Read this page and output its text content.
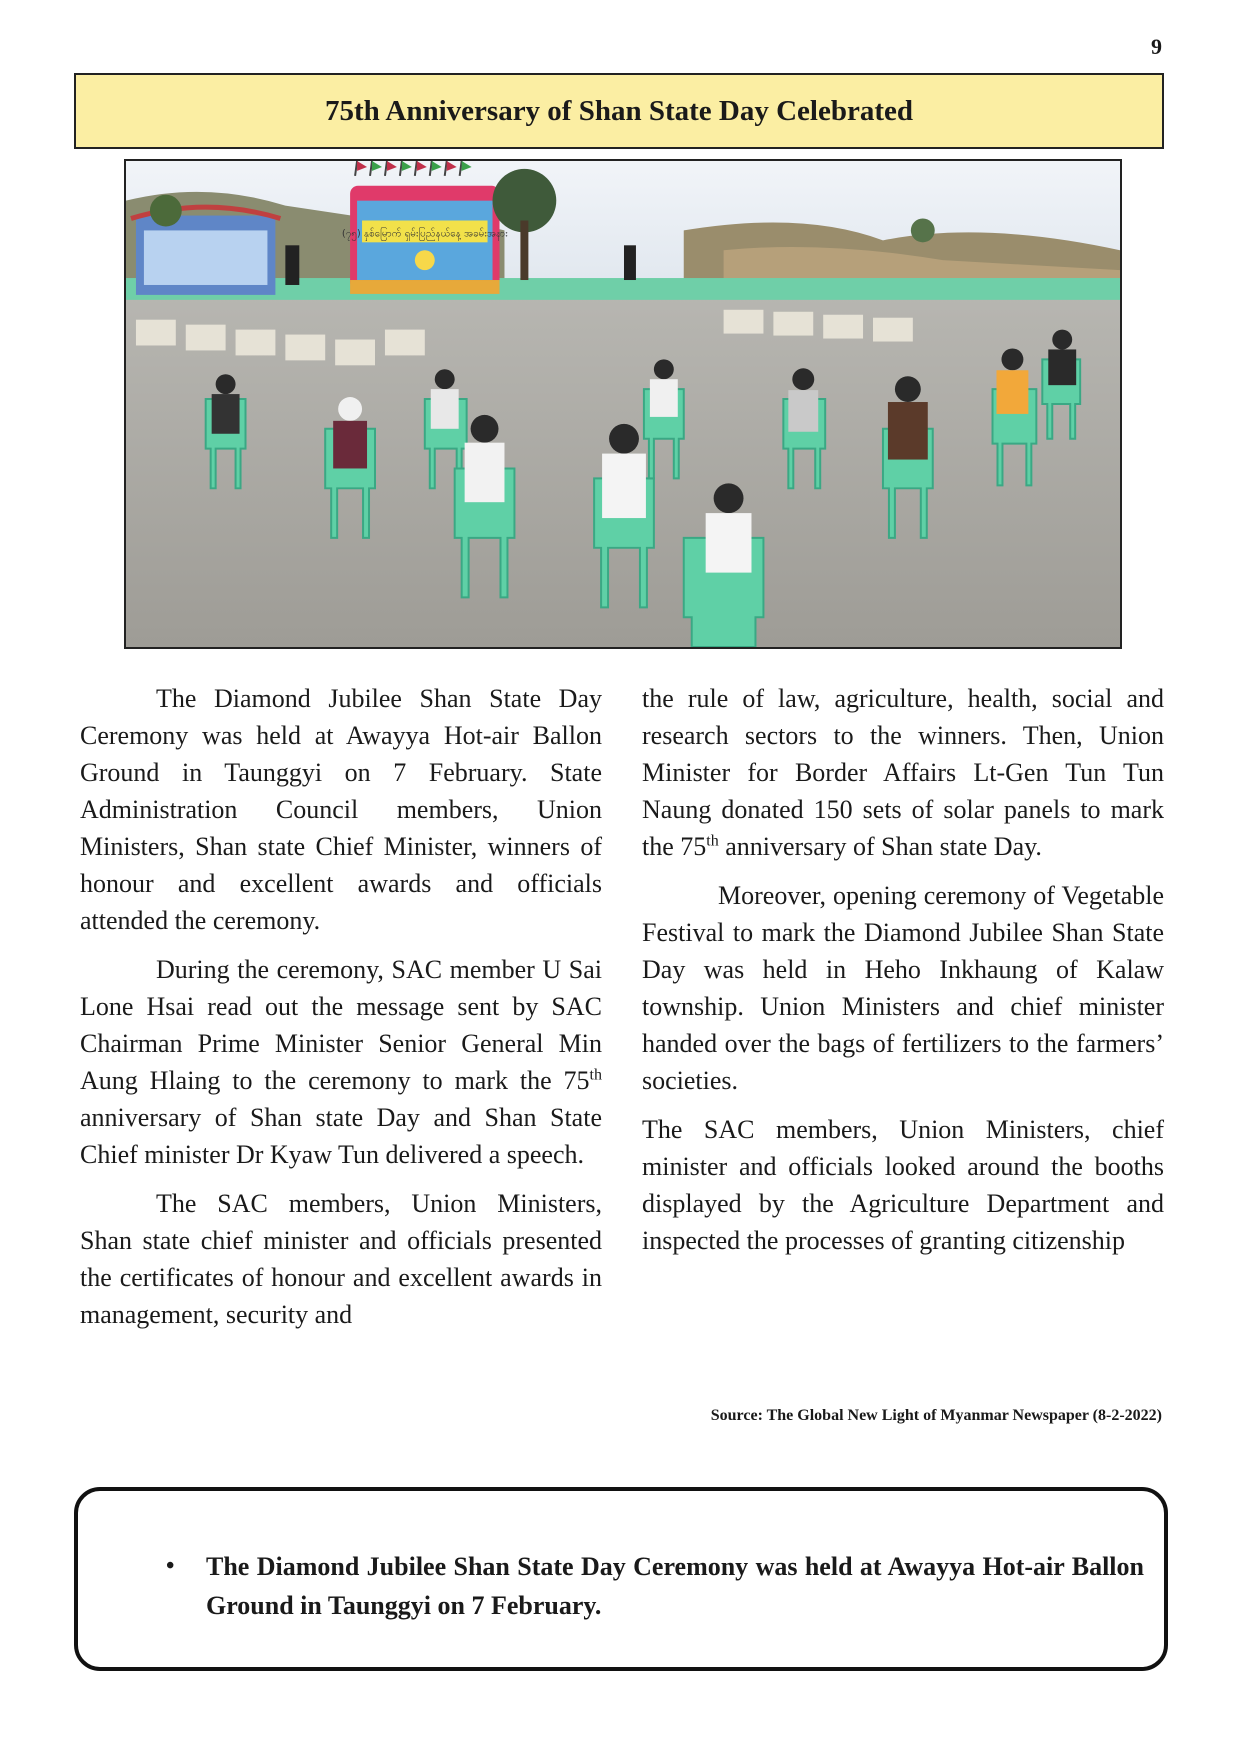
9
75th Anniversary of Shan State Day Celebrated
(၇၅) နှစ်မြောက် ရှမ်းပြည်နယ်နေ့ အခမ်းအနား

The Diamond Jubilee Shan State Day Ceremony was held at Awayya Hot-air Ballon Ground in Taunggyi on 7 February. State Administration Council members, Union Ministers, Shan state Chief Minister, winners of honour and excellent awards and officials attended the ceremony.

During the ceremony, SAC member U Sai Lone Hsai read out the message sent by SAC Chairman Prime Minister Senior General Min Aung Hlaing to the ceremony to mark the 75th anniversary of Shan state Day and Shan State Chief minister Dr Kyaw Tun delivered a speech.

The SAC members, Union Ministers, Shan state chief minister and officials presented the certificates of honour and excellent awards in management, security and

the rule of law, agriculture, health, social and research sectors to the winners. Then, Union Minister for Border Affairs Lt-Gen Tun Tun Naung donated 150 sets of solar panels to mark the 75th anniversary of Shan state Day.

Moreover, opening ceremony of Vegetable Festival to mark the Diamond Jubilee Shan State Day was held in Heho Inkhaung of Kalaw township. Union Ministers and chief minister handed over the bags of fertilizers to the farmers’ societies.

The SAC members, Union Ministers, chief minister and officials looked around the booths displayed by the Agriculture Department and inspected the processes of granting citizenship

Source: The Global New Light of Myanmar Newspaper (8-2-2022)
• The Diamond Jubilee Shan State Day Ceremony was held at Awayya Hot-air Ballon Ground in Taunggyi on 7 February.
